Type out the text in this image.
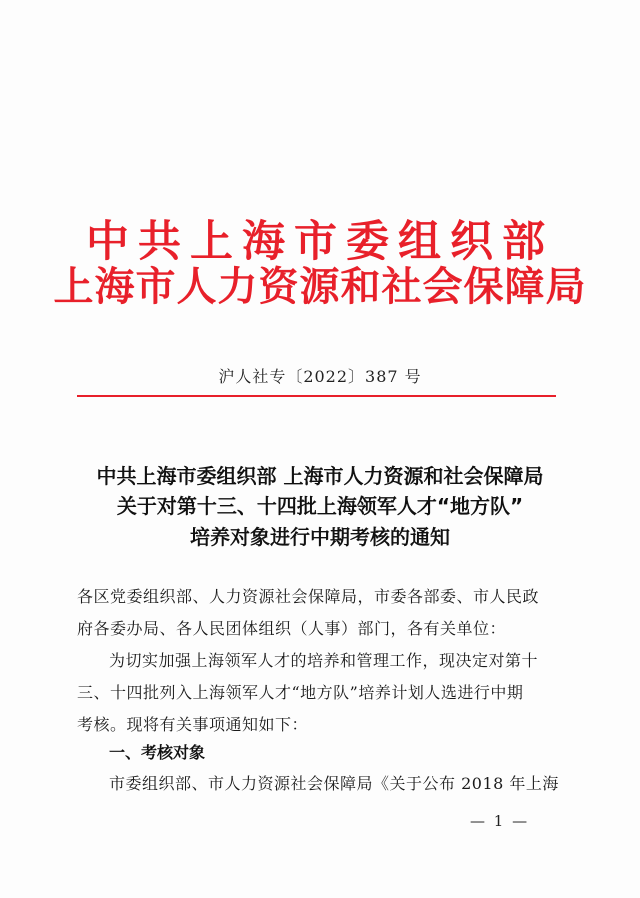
中共上海市委组织部
上海市人力资源和社会保障局
沪人社专〔2022〕387 号
中共上海市委组织部 上海市人力资源和社会保障局
关于对第十三、十四批上海领军人才“地方队”
培养对象进行中期考核的通知
各区党委组织部、人力资源社会保障局，市委各部委、市人民政
府各委办局、各人民团体组织（人事）部门，各有关单位：
为切实加强上海领军人才的培养和管理工作，现决定对第十
三、十四批列入上海领军人才“地方队”培养计划人选进行中期
考核。现将有关事项通知如下：
一、考核对象
市委组织部、市人力资源社会保障局《关于公布 2018 年上海
— 1 —
